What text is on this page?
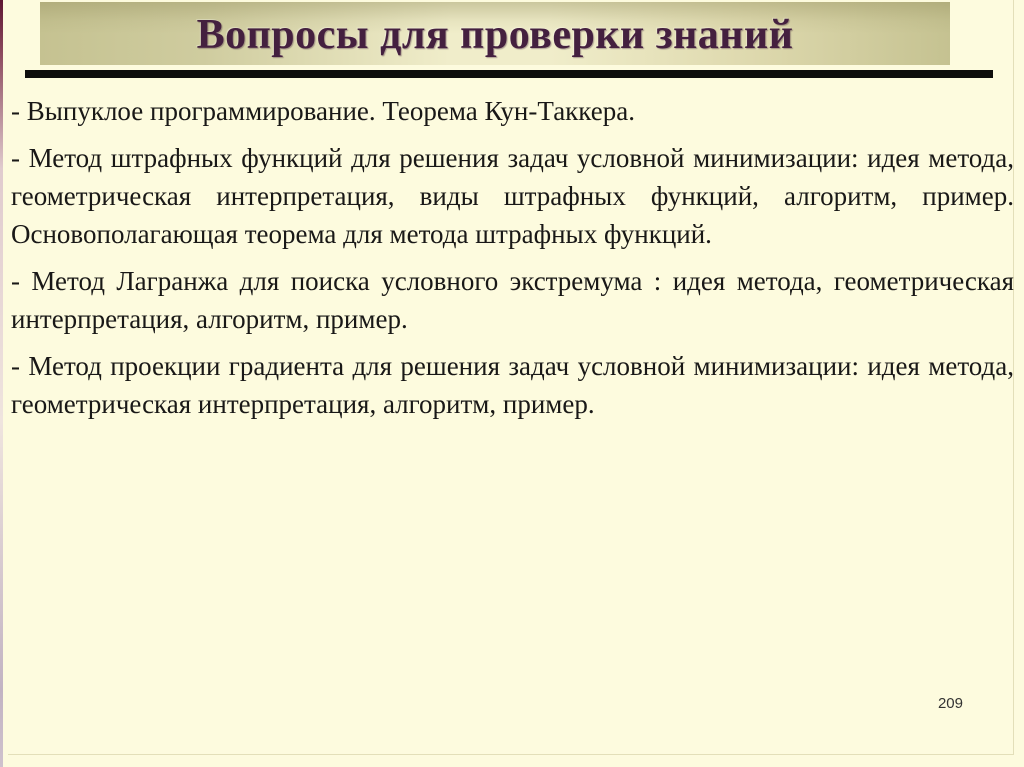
Вопросы для проверки знаний

- Выпуклое программирование. Теорема Кун-Таккера.

- Метод штрафных функций для решения задач условной минимизации: идея метода, геометрическая интерпретация, виды штрафных функций, алгоритм, пример. Основополагающая теорема для метода штрафных функций.

- Метод Лагранжа для поиска условного экстремума : идея метода, геометрическая интерпретация, алгоритм, пример.

- Метод проекции градиента для решения задач условной минимизации: идея метода, геометрическая интерпретация, алгоритм, пример.

209
